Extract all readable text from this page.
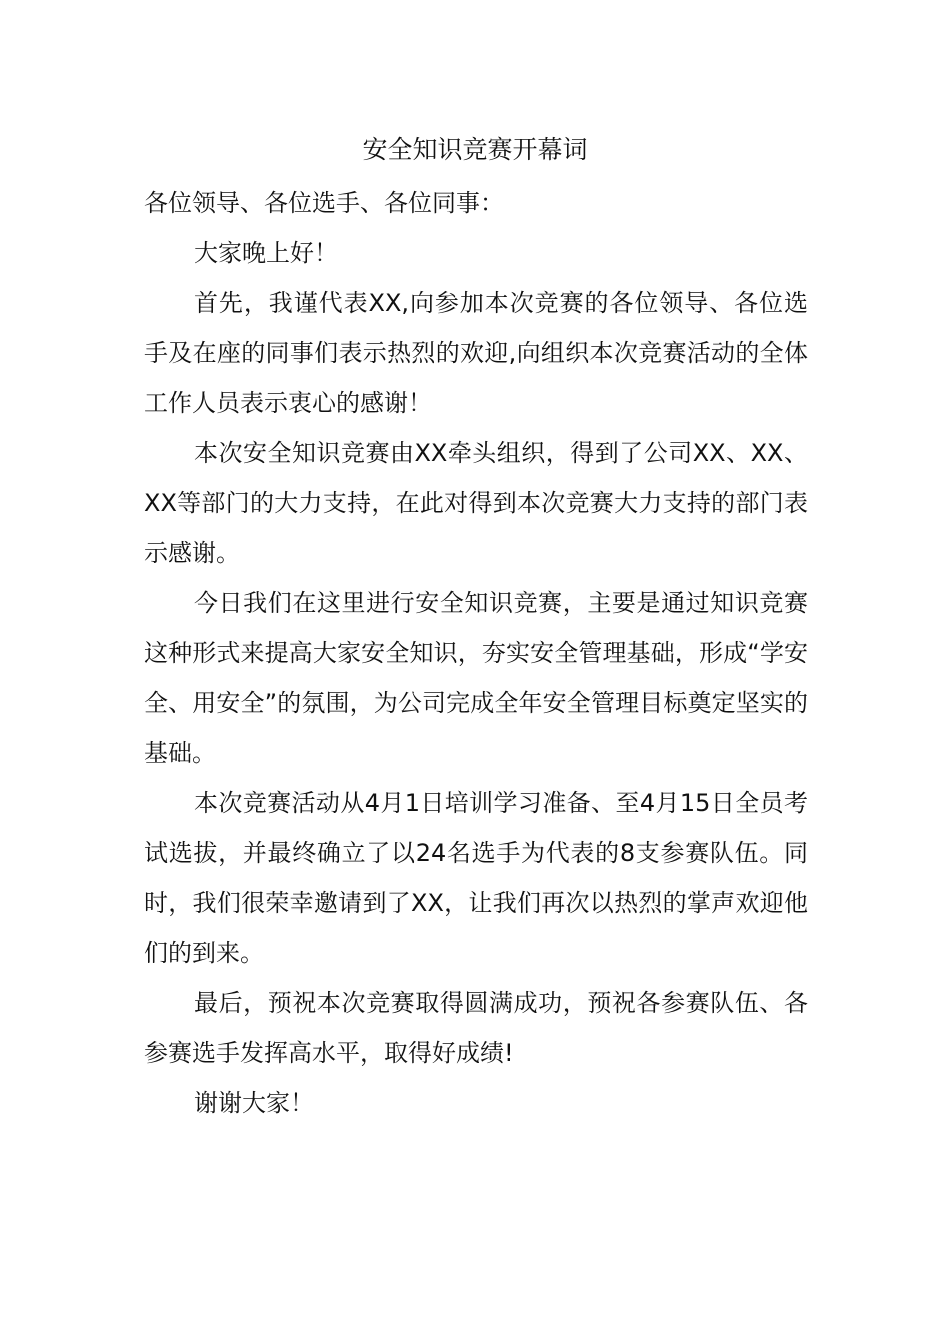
安全知识竞赛开幕词

各位领导、各位选手、各位同事：

大家晚上好！

首先，我谨代表XX,向参加本次竞赛的各位领导、各位选手及在座的同事们表示热烈的欢迎,向组织本次竞赛活动的全体工作人员表示衷心的感谢！

本次安全知识竞赛由XX牵头组织，得到了公司XX、XX、XX等部门的大力支持，在此对得到本次竞赛大力支持的部门表示感谢。

今日我们在这里进行安全知识竞赛，主要是通过知识竞赛这种形式来提高大家安全知识，夯实安全管理基础，形成“学安全、用安全”的氛围，为公司完成全年安全管理目标奠定坚实的基础。

本次竞赛活动从4月1日培训学习准备、至4月15日全员考试选拔，并最终确立了以24名选手为代表的8支参赛队伍。同时，我们很荣幸邀请到了XX，让我们再次以热烈的掌声欢迎他们的到来。

最后，预祝本次竞赛取得圆满成功，预祝各参赛队伍、各参赛选手发挥高水平，取得好成绩!

谢谢大家！
